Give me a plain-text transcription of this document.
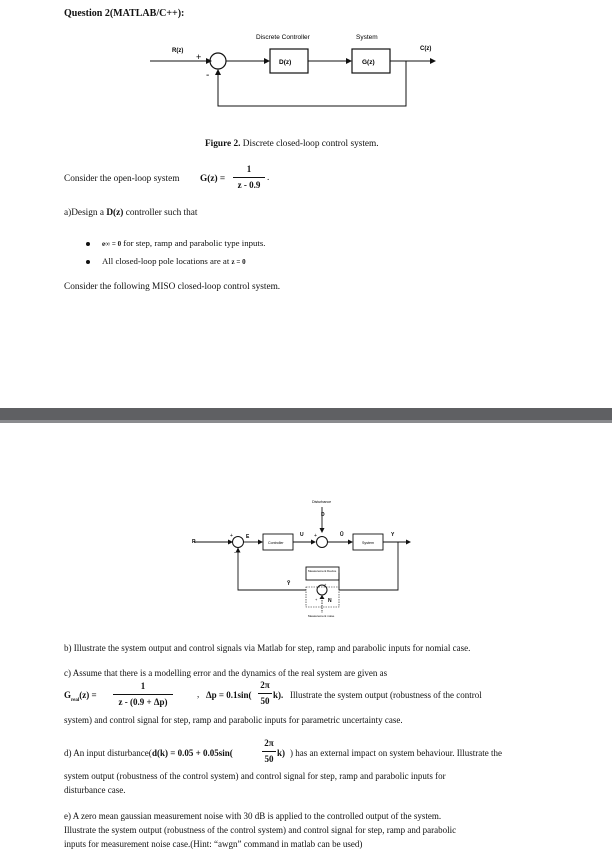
Question 2(MATLAB/C++):
Discrete Controller	System
R(z)	C(z)
+
-
D(z)	G(z)
Figure 2. Discrete closed-loop control system.
Consider the open-loop system G(z) =
1
z - 0.9
.
a)Design a D(z) controller such that
e∞ = 0 for step, ramp and parabolic type inputs.
All closed-loop pole locations are at z = 0
Consider the following MISO closed-loop control system.
Disturbance
D
R
+
-
E
Controller
U +	Ũ
System
Y
Measurement Device
+
+ N
Measurement noise
Ỹ
b) Illustrate the system output and control signals via Matlab for step, ramp and parabolic inputs for nomial case.
c) Assume that there is a modelling error and the dynamics of the real system are given as
$G_{real}(z)$ =
1
z - (0.9 + Δp)
, Δp = 0.1sin(
2π
50
k). Illustrate the system output (robustness of the control
system) and control signal for step, ramp and parabolic inputs for parametric uncertainty case.
d) An input disturbance( d(k) = 0.05 + 0.05sin(
2π
50
k) ) has an external impact on system behaviour. Illustrate the
system output (robustness of the control system) and control signal for step, ramp and parabolic inputs for
disturbance case.
e) A zero mean gaussian measurement noise with 30 dB is applied to the controlled output of the system.
Illustrate the system output (robustness of the control system) and control signal for step, ramp and parabolic
inputs for measurement noise case.(Hint: “awgn” command in matlab can be used)
